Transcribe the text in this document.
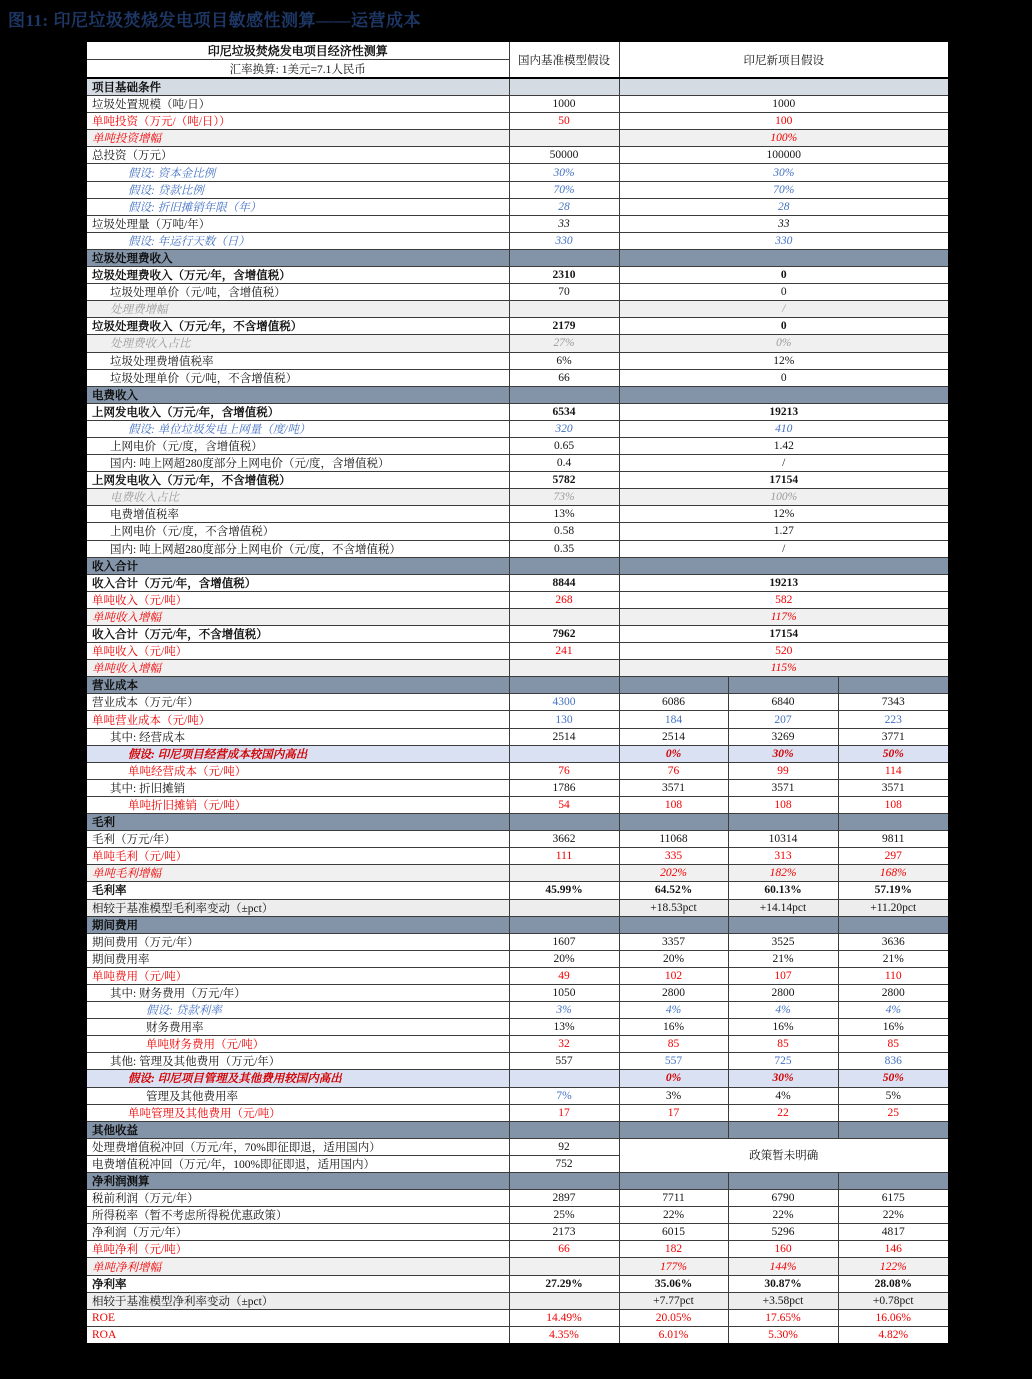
图11: 印尼垃圾焚烧发电项目敏感性测算——运营成本
印尼垃圾焚烧发电项目经济性测算	国内基准模型假设	印尼新项目假设		
汇率换算: 1美元=7.1人民币				
项目基础条件				
垃圾处置规模（吨/日）	1000	1000		
单吨投资（万元/（吨/日））	50	100		
单吨投资增幅		100%		
总投资（万元）	50000	100000		
假设: 资本金比例	30%	30%		
假设: 贷款比例	70%	70%		
假设: 折旧摊销年限（年）	28	28		
垃圾处理量（万吨/年）	33	33		
假设: 年运行天数（日）	330	330		
垃圾处理费收入				
垃圾处理费收入（万元/年，含增值税）	2310	0		
垃圾处理单价（元/吨，含增值税）	70	0		
处理费增幅		/		
垃圾处理费收入（万元/年，不含增值税）	2179	0		
处理费收入占比	27%	0%		
垃圾处理费增值税率	6%	12%		
垃圾处理单价（元/吨，不含增值税）	66	0		
电费收入				
上网发电收入（万元/年，含增值税）	6534	19213		
假设: 单位垃圾发电上网量（度/吨）	320	410		
上网电价（元/度，含增值税）	0.65	1.42		
国内: 吨上网超280度部分上网电价（元/度，含增值税）	0.4	/		
上网发电收入（万元/年，不含增值税）	5782	17154		
电费收入占比	73%	100%		
电费增值税率	13%	12%		
上网电价（元/度，不含增值税）	0.58	1.27		
国内: 吨上网超280度部分上网电价（元/度，不含增值税）	0.35	/		
收入合计				
收入合计（万元/年，含增值税）	8844	19213		
单吨收入（元/吨）	268	582		
单吨收入增幅		117%		
收入合计（万元/年，不含增值税）	7962	17154		
单吨收入（元/吨）	241	520		
单吨收入增幅		115%		
营业成本				
营业成本（万元/年）	4300	6086	6840	7343
单吨营业成本（元/吨）	130	184	207	223
其中: 经营成本	2514	2514	3269	3771
假设: 印尼项目经营成本较国内高出		0%	30%	50%
单吨经营成本（元/吨）	76	76	99	114
其中: 折旧摊销	1786	3571	3571	3571
单吨折旧摊销（元/吨）	54	108	108	108
毛利				
毛利（万元/年）	3662	11068	10314	9811
单吨毛利（元/吨）	111	335	313	297
单吨毛利增幅		202%	182%	168%
毛利率	45.99%	64.52%	60.13%	57.19%
相较于基准模型毛利率变动（±pct）		+18.53pct	+14.14pct	+11.20pct
期间费用				
期间费用（万元/年）	1607	3357	3525	3636
期间费用率	20%	20%	21%	21%
单吨费用（元/吨）	49	102	107	110
其中: 财务费用（万元/年）	1050	2800	2800	2800
假设: 贷款利率	3%	4%	4%	4%
财务费用率	13%	16%	16%	16%
单吨财务费用（元/吨）	32	85	85	85
其他: 管理及其他费用（万元/年）	557	557	725	836
假设: 印尼项目管理及其他费用较国内高出		0%	30%	50%
管理及其他费用率	7%	3%	4%	5%
单吨管理及其他费用（元/吨）	17	17	22	25
其他收益				
处理费增值税冲回（万元/年，70%即征即退，适用国内）	92	政策暂未明确		
电费增值税冲回（万元/年，100%即征即退，适用国内）	752			
净利润测算				
税前利润（万元/年）	2897	7711	6790	6175
所得税率（暂不考虑所得税优惠政策）	25%	22%	22%	22%
净利润（万元/年）	2173	6015	5296	4817
单吨净利（元/吨）	66	182	160	146
单吨净利增幅		177%	144%	122%
净利率	27.29%	35.06%	30.87%	28.08%
相较于基准模型净利率变动（±pct）		+7.77pct	+3.58pct	+0.78pct
ROE	14.49%	20.05%	17.65%	16.06%
ROA	4.35%	6.01%	5.30%	4.82%
